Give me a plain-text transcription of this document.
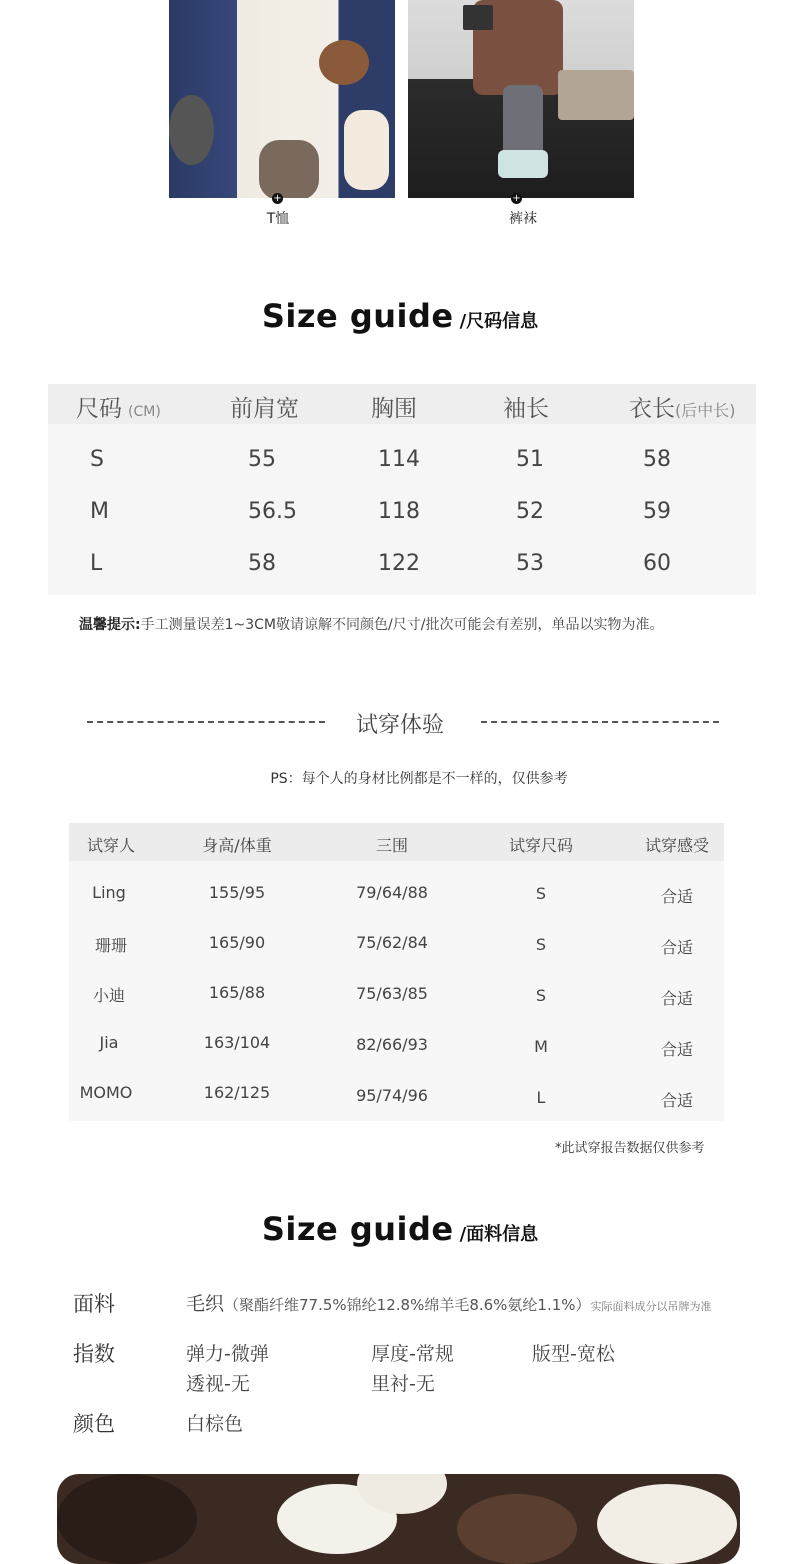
+	+
T恤	裤袜
Size guide /尺码信息
尺码 (CM)	前肩宽	胸围	袖长	衣长(后中长)
S	55	114	51	58
M	56.5	118	52	59
L	58	122	53	60
温馨提示:手工测量误差1~3CM敬请谅解不同颜色/尺寸/批次可能会有差别，单品以实物为准。
试穿体验
PS：每个人的身材比例都是不一样的，仅供参考
试穿人	身高/体重	三围	试穿尺码	试穿感受
Ling	155/95	79/64/88	S	合适
珊珊	165/90	75/62/84	S	合适
小迪	165/88	75/63/85	S	合适
Jia	163/104	82/66/93	M	合适
MOMO	162/125	95/74/96	L	合适
*此试穿报告数据仅供参考
Size guide /面料信息
面料	毛织（聚酯纤维77.5%锦纶12.8%绵羊毛8.6%氨纶1.1%）实际面料成分以吊牌为准
指数	弹力-微弹	厚度-常规	版型-宽松
透视-无	里衬-无
颜色	白棕色
